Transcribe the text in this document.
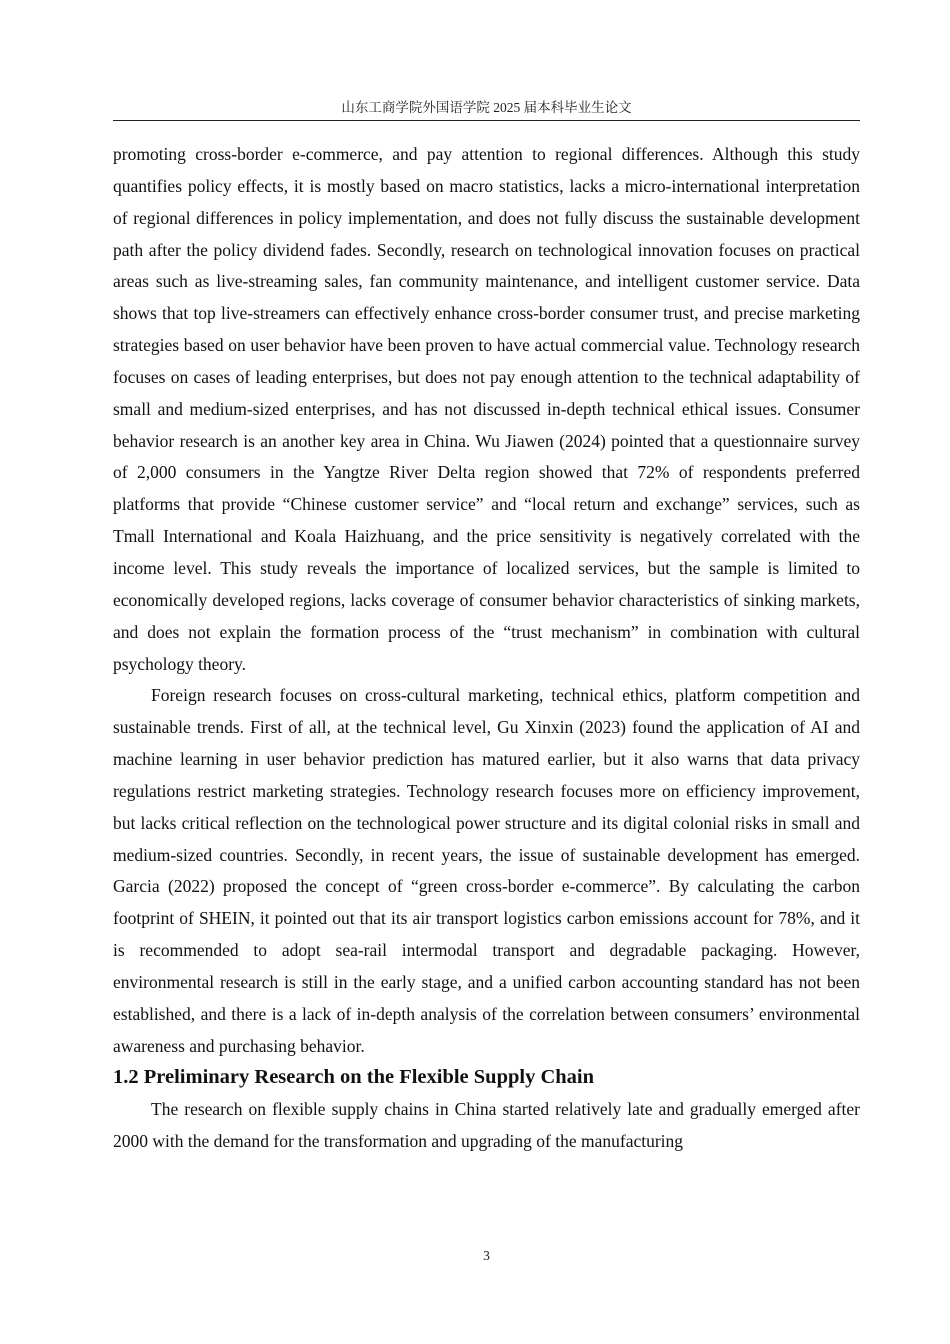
山东工商学院外国语学院 2025 届本科毕业生论文

promoting cross-border e-commerce, and pay attention to regional differences. Although this study quantifies policy effects, it is mostly based on macro statistics, lacks a micro-international interpretation of regional differences in policy implementation, and does not fully discuss the sustainable development path after the policy dividend fades. Secondly, research on technological innovation focuses on practical areas such as live-streaming sales, fan community maintenance, and intelligent customer service. Data shows that top live-streamers can effectively enhance cross-border consumer trust, and precise marketing strategies based on user behavior have been proven to have actual commercial value. Technology research focuses on cases of leading enterprises, but does not pay enough attention to the technical adaptability of small and medium-sized enterprises, and has not discussed in-depth technical ethical issues. Consumer behavior research is an another key area in China. Wu Jiawen (2024) pointed that a questionnaire survey of 2,000 consumers in the Yangtze River Delta region showed that 72% of respondents preferred platforms that provide “Chinese customer service” and “local return and exchange” services, such as Tmall International and Koala Haizhuang, and the price sensitivity is negatively correlated with the income level. This study reveals the importance of localized services, but the sample is limited to economically developed regions, lacks coverage of consumer behavior characteristics of sinking markets, and does not explain the formation process of the “trust mechanism” in combination with cultural psychology theory.

Foreign research focuses on cross-cultural marketing, technical ethics, platform competition and sustainable trends. First of all, at the technical level, Gu Xinxin (2023) found the application of AI and machine learning in user behavior prediction has matured earlier, but it also warns that data privacy regulations restrict marketing strategies. Technology research focuses more on efficiency improvement, but lacks critical reflection on the technological power structure and its digital colonial risks in small and medium-sized countries. Secondly, in recent years, the issue of sustainable development has emerged. Garcia (2022) proposed the concept of “green cross-border e-commerce”. By calculating the carbon footprint of SHEIN, it pointed out that its air transport logistics carbon emissions account for 78%, and it is recommended to adopt sea-rail intermodal transport and degradable packaging. However, environmental research is still in the early stage, and a unified carbon accounting standard has not been established, and there is a lack of in-depth analysis of the correlation between consumers’ environmental awareness and purchasing behavior.

1.2 Preliminary Research on the Flexible Supply Chain

The research on flexible supply chains in China started relatively late and gradually emerged after 2000 with the demand for the transformation and upgrading of the manufacturing

3
